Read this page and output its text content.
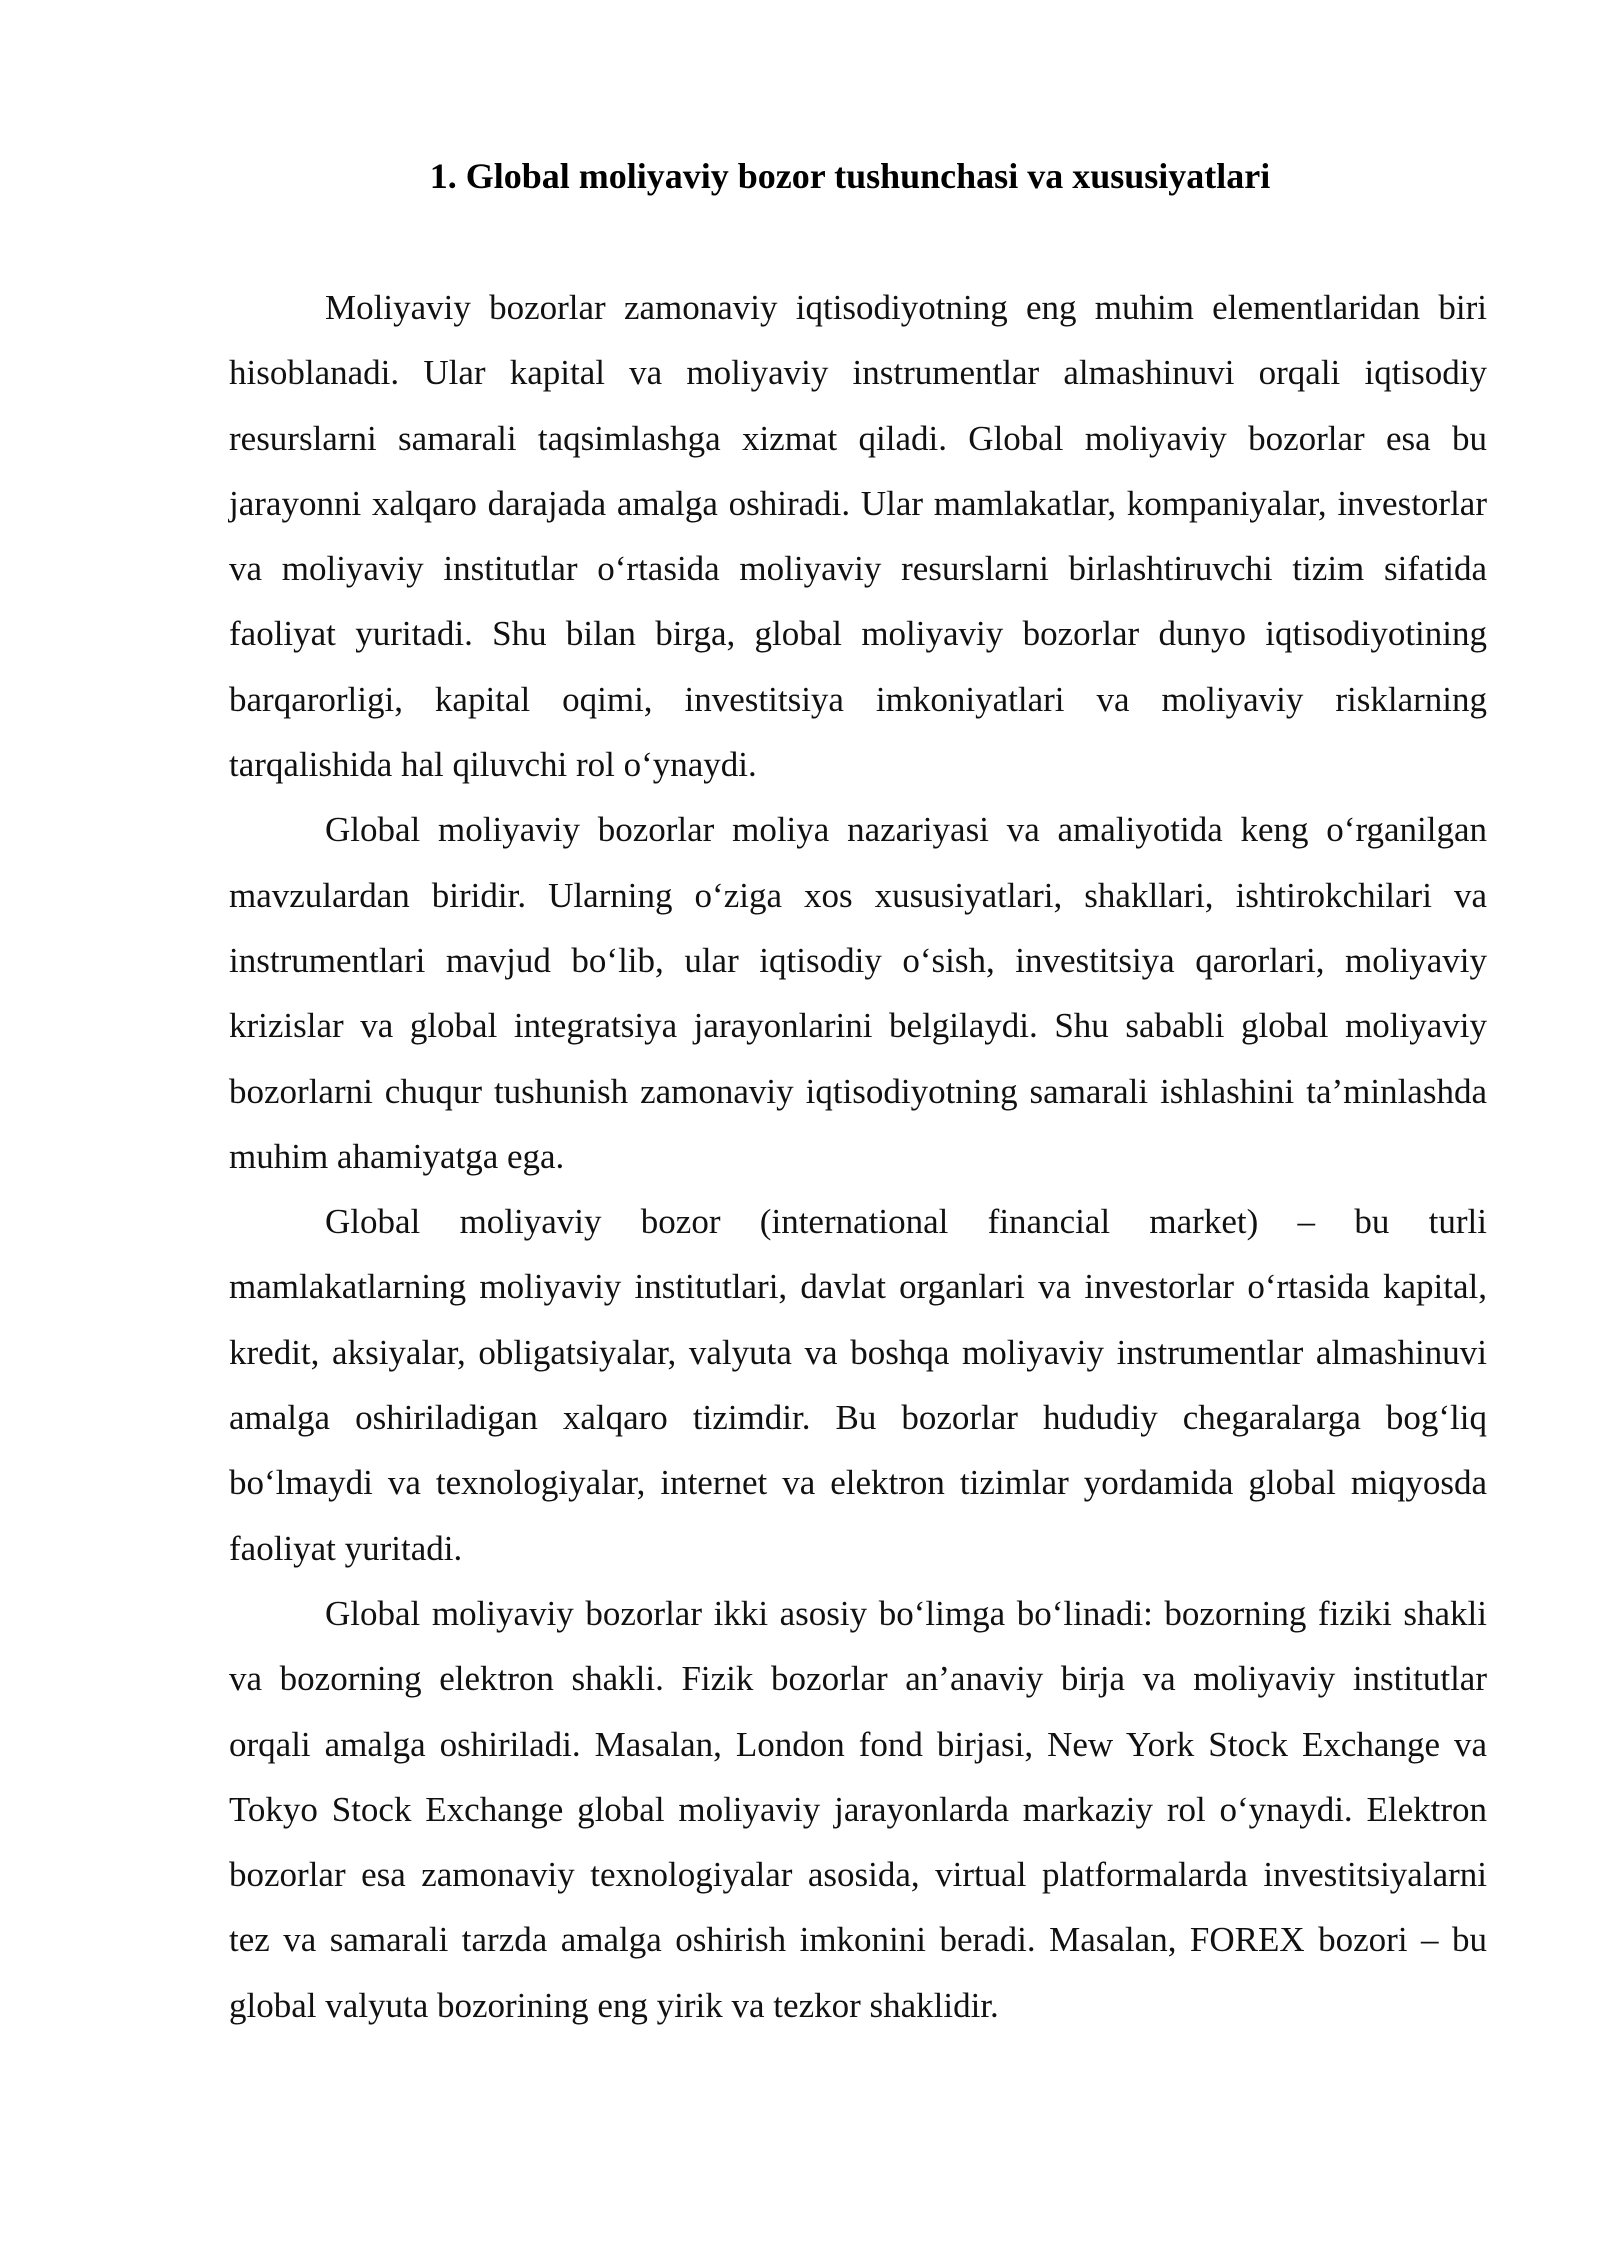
1. Global moliyaviy bozor tushunchasi va xususiyatlari

Moliyaviy bozorlar zamonaviy iqtisodiyotning eng muhim elementlaridan biri hisoblanadi. Ular kapital va moliyaviy instrumentlar almashinuvi orqali iqtisodiy resurslarni samarali taqsimlashga xizmat qiladi. Global moliyaviy bozorlar esa bu jarayonni xalqaro darajada amalga oshiradi. Ular mamlakatlar, kompaniyalar, investorlar va moliyaviy institutlar o‘rtasida moliyaviy resurslarni birlashtiruvchi tizim sifatida faoliyat yuritadi. Shu bilan birga, global moliyaviy bozorlar dunyo iqtisodiyotining barqarorligi, kapital oqimi, investitsiya imkoniyatlari va moliyaviy risklarning tarqalishida hal qiluvchi rol o‘ynaydi.

Global moliyaviy bozorlar moliya nazariyasi va amaliyotida keng o‘rganilgan mavzulardan biridir. Ularning o‘ziga xos xususiyatlari, shakllari, ishtirokchilari va instrumentlari mavjud bo‘lib, ular iqtisodiy o‘sish, investitsiya qarorlari, moliyaviy krizislar va global integratsiya jarayonlarini belgilaydi. Shu sababli global moliyaviy bozorlarni chuqur tushunish zamonaviy iqtisodiyotning samarali ishlashini ta’minlashda muhim ahamiyatga ega.

Global moliyaviy bozor (international financial market) – bu turli mamlakatlarning moliyaviy institutlari, davlat organlari va investorlar o‘rtasida kapital, kredit, aksiyalar, obligatsiyalar, valyuta va boshqa moliyaviy instrumentlar almashinuvi amalga oshiriladigan xalqaro tizimdir. Bu bozorlar hududiy chegaralarga bog‘liq bo‘lmaydi va texnologiyalar, internet va elektron tizimlar yordamida global miqyosda faoliyat yuritadi.

Global moliyaviy bozorlar ikki asosiy bo‘limga bo‘linadi: bozorning fiziki shakli va bozorning elektron shakli. Fizik bozorlar an’anaviy birja va moliyaviy institutlar orqali amalga oshiriladi. Masalan, London fond birjasi, New York Stock Exchange va Tokyo Stock Exchange global moliyaviy jarayonlarda markaziy rol o‘ynaydi. Elektron bozorlar esa zamonaviy texnologiyalar asosida, virtual platformalarda investitsiyalarni tez va samarali tarzda amalga oshirish imkonini beradi. Masalan, FOREX bozori – bu global valyuta bozorining eng yirik va tezkor shaklidir.
